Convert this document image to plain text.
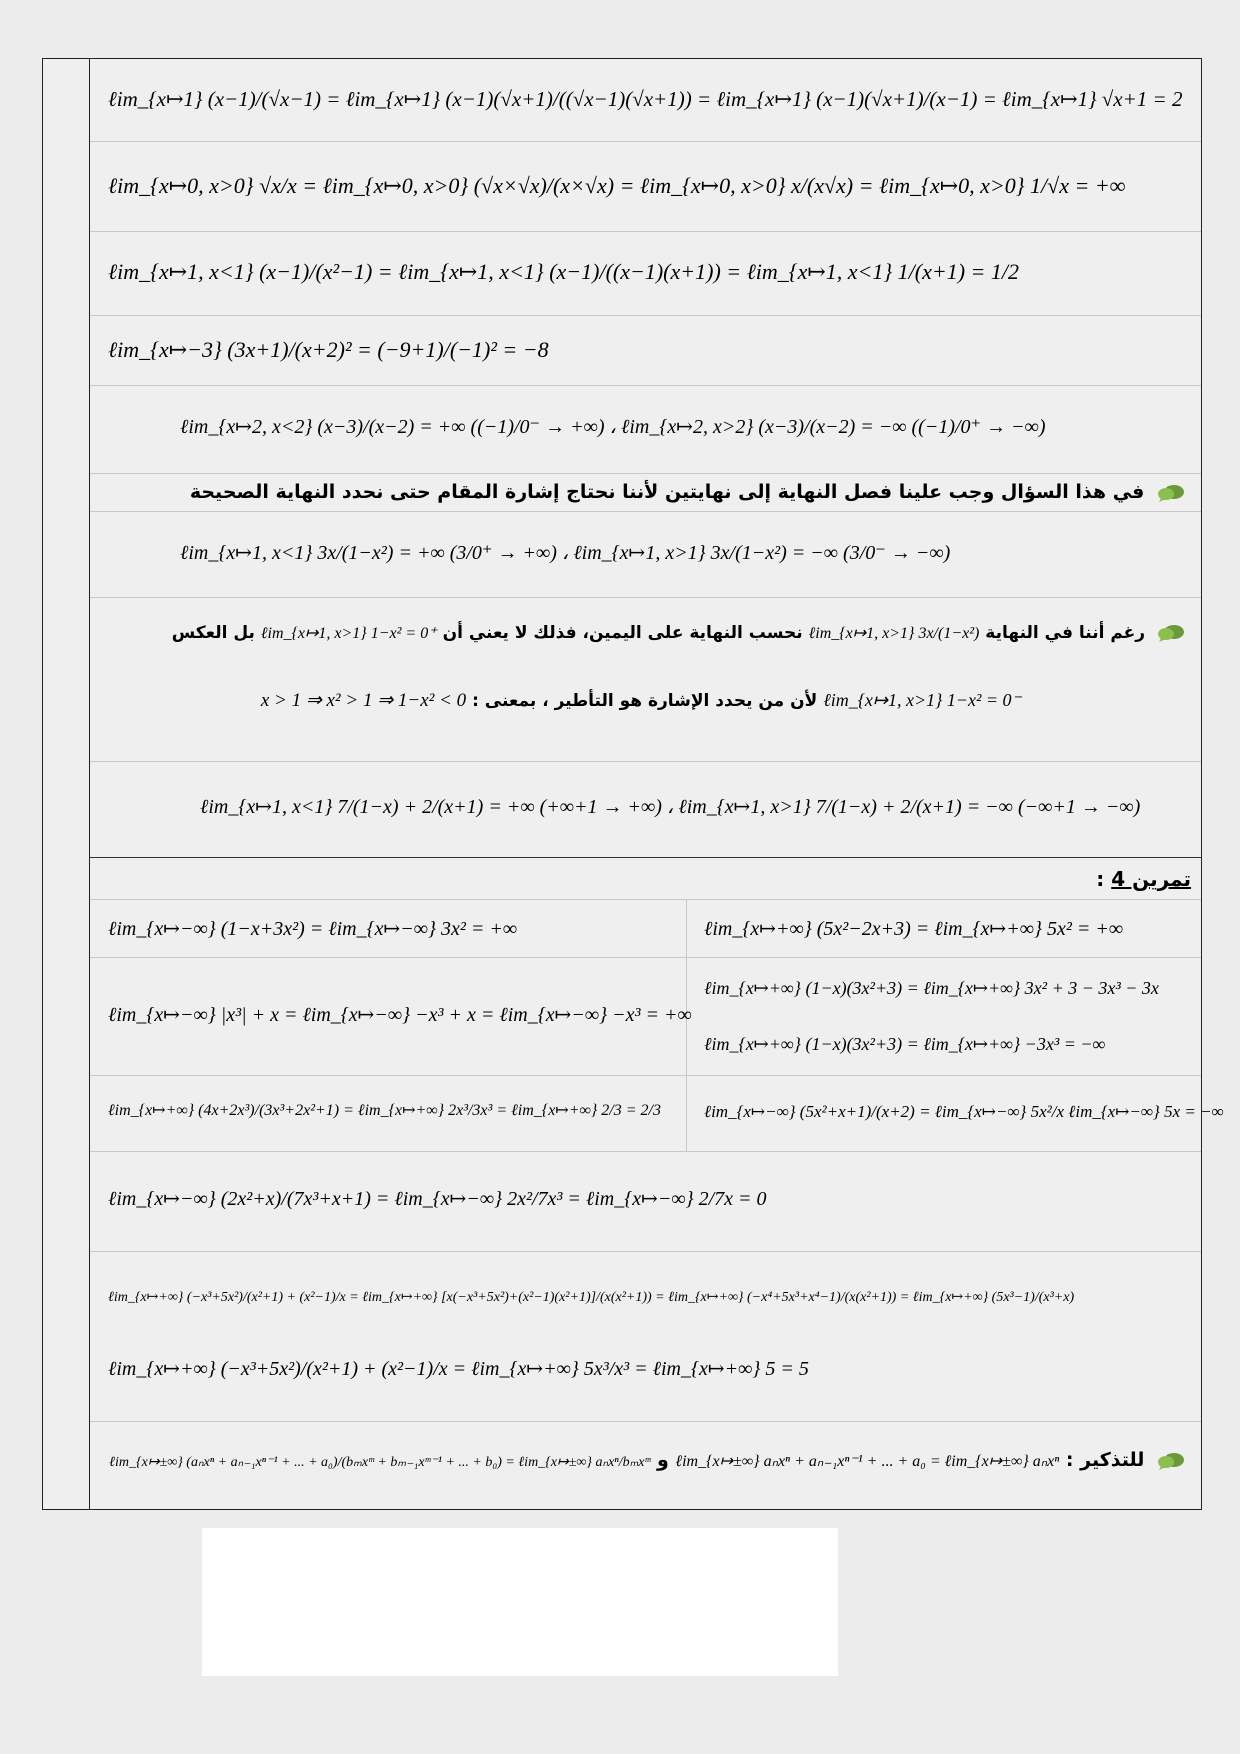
ℓim_{x↦1} (x−1)/(√x−1) = ℓim_{x↦1} (x−1)(√x+1)/((√x−1)(√x+1)) = ℓim_{x↦1} (x−1)(√x+1)/(x−1) = ℓim_{x↦1} √x+1 = 2
ℓim_{x↦0, x>0} √x/x = ℓim_{x↦0, x>0} (√x×√x)/(x×√x) = ℓim_{x↦0, x>0} x/(x√x) = ℓim_{x↦0, x>0} 1/√x = +∞
ℓim_{x↦1, x<1} (x−1)/(x²−1) = ℓim_{x↦1, x<1} (x−1)/((x−1)(x+1)) = ℓim_{x↦1, x<1} 1/(x+1) = 1/2
ℓim_{x↦−3} (3x+1)/(x+2)² = (−9+1)/(−1)² = −8
ℓim_{x↦2, x<2} (x−3)/(x−2) = +∞ ((−1)/0⁻ → +∞) ، ℓim_{x↦2, x>2} (x−3)/(x−2) = −∞ ((−1)/0⁺ → −∞)
في هذا السؤال وجب علينا فصل النهاية إلى نهايتين لأننا نحتاج إشارة المقام حتى نحدد النهاية الصحيحة
ℓim_{x↦1, x<1} 3x/(1−x²) = +∞ (3/0⁺ → +∞) ، ℓim_{x↦1, x>1} 3x/(1−x²) = −∞ (3/0⁻ → −∞)
رغم أننا في النهاية ℓim_{x↦1, x>1} 3x/(1−x²) نحسب النهاية على اليمين، فذلك لا يعني أن ℓim_{x↦1, x>1} 1−x² = 0⁺ بل العكس
ℓim_{x↦1, x>1} 1−x² = 0⁻ لأن من يحدد الإشارة هو التأطير ، بمعنى : x > 1 ⇒ x² > 1 ⇒ 1−x² < 0
ℓim_{x↦1, x<1} 7/(1−x) + 2/(x+1) = +∞ (+∞+1 → +∞) ، ℓim_{x↦1, x>1} 7/(1−x) + 2/(x+1) = −∞ (−∞+1 → −∞)
تمرين 4 :
ℓim_{x↦−∞} (1−x+3x²) = ℓim_{x↦−∞} 3x² = +∞	ℓim_{x↦+∞} (5x²−2x+3) = ℓim_{x↦+∞} 5x² = +∞
ℓim_{x↦−∞} |x³| + x = ℓim_{x↦−∞} −x³ + x = ℓim_{x↦−∞} −x³ = +∞
ℓim_{x↦+∞} (1−x)(3x²+3) = ℓim_{x↦+∞} 3x² + 3 − 3x³ − 3x
ℓim_{x↦+∞} (1−x)(3x²+3) = ℓim_{x↦+∞} −3x³ = −∞
ℓim_{x↦+∞} (4x+2x³)/(3x³+2x²+1) = ℓim_{x↦+∞} 2x³/3x³ = ℓim_{x↦+∞} 2/3 = 2/3	ℓim_{x↦−∞} (5x²+x+1)/(x+2) = ℓim_{x↦−∞} 5x²/x ℓim_{x↦−∞} 5x = −∞
ℓim_{x↦−∞} (2x²+x)/(7x³+x+1) = ℓim_{x↦−∞} 2x²/7x³ = ℓim_{x↦−∞} 2/7x = 0
ℓim_{x↦+∞} (−x³+5x²)/(x²+1) + (x²−1)/x = ℓim_{x↦+∞} [x(−x³+5x²)+(x²−1)(x²+1)]/(x(x²+1)) = ℓim_{x↦+∞} (−x⁴+5x³+x⁴−1)/(x(x²+1)) = ℓim_{x↦+∞} (5x³−1)/(x³+x)
ℓim_{x↦+∞} (−x³+5x²)/(x²+1) + (x²−1)/x = ℓim_{x↦+∞} 5x³/x³ = ℓim_{x↦+∞} 5 = 5
للتذكير : ℓim_{x↦±∞} aₙxⁿ + aₙ₋₁xⁿ⁻¹ + ... + a₀ = ℓim_{x↦±∞} aₙxⁿ و ℓim_{x↦±∞} (aₙxⁿ + aₙ₋₁xⁿ⁻¹ + ... + a₀)/(bₘxᵐ + bₘ₋₁xᵐ⁻¹ + ... + b₀) = ℓim_{x↦±∞} aₙxⁿ/bₘxᵐ
